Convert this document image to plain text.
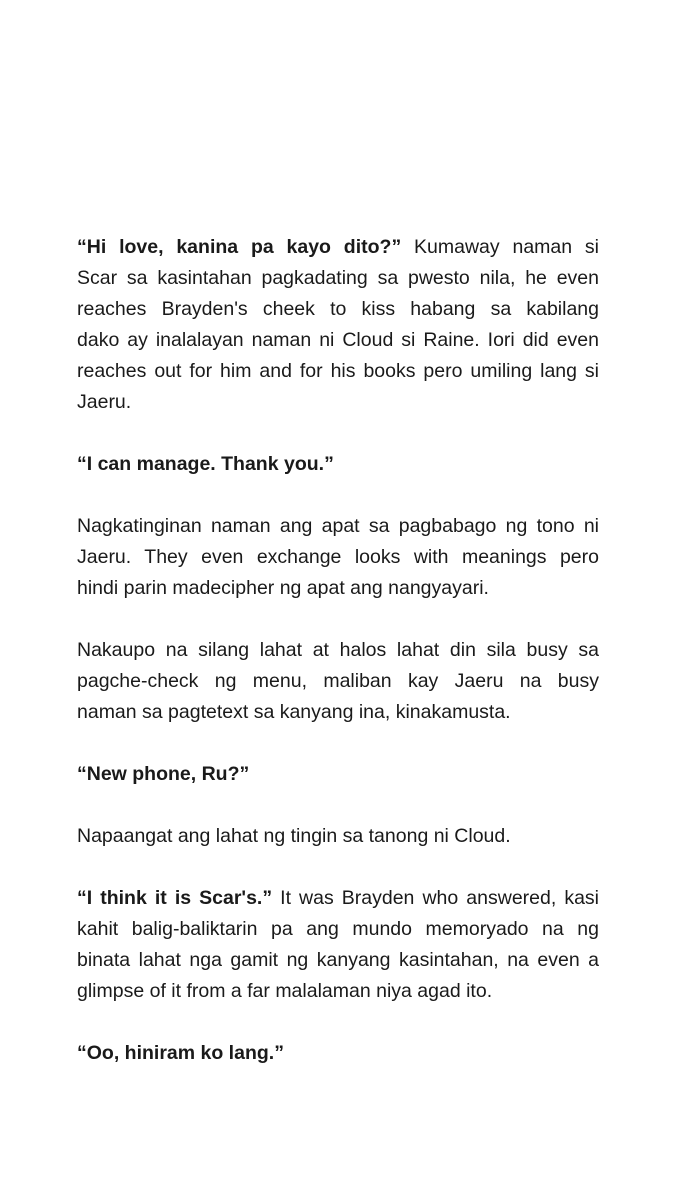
“Hi love, kanina pa kayo dito?” Kumaway naman si
Scar sa kasintahan pagkadating sa pwesto nila, he even
reaches Brayden's cheek to kiss habang sa kabilang
dako ay inalalayan naman ni Cloud si Raine. Iori did even
reaches out for him and for his books pero umiling lang si
Jaeru.

“I can manage. Thank you.”

Nagkatinginan naman ang apat sa pagbabago ng tono ni
Jaeru. They even exchange looks with meanings pero
hindi parin madecipher ng apat ang nangyayari.

Nakaupo na silang lahat at halos lahat din sila busy sa
pagche-check ng menu, maliban kay Jaeru na busy
naman sa pagtetext sa kanyang ina, kinakamusta.

“New phone, Ru?”

Napaangat ang lahat ng tingin sa tanong ni Cloud.

“I think it is Scar's.” It was Brayden who answered, kasi
kahit balig-baliktarin pa ang mundo memoryado na ng
binata lahat nga gamit ng kanyang kasintahan, na even a
glimpse of it from a far malalaman niya agad ito.

“Oo, hiniram ko lang.”
